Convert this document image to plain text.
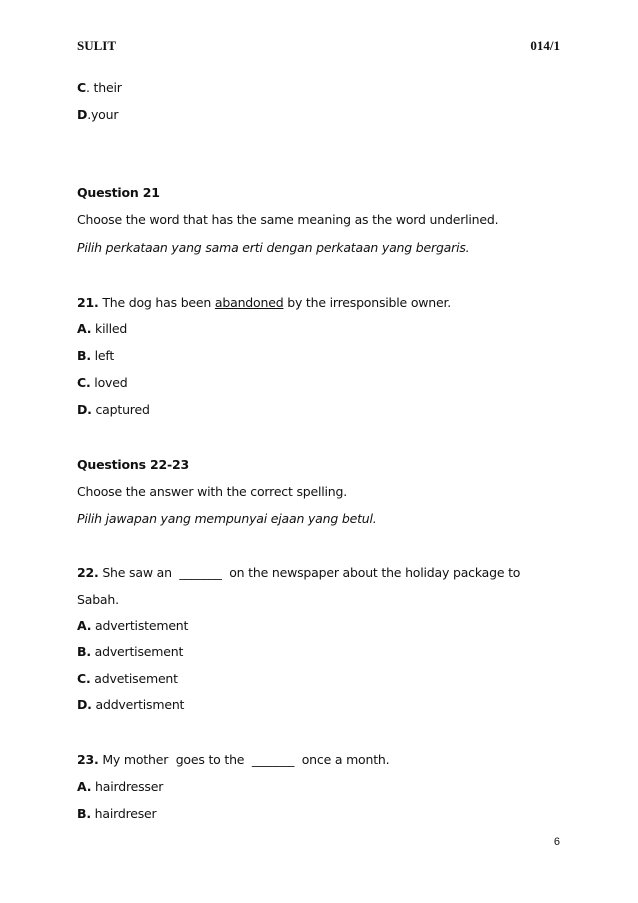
SULIT	014/1
C. their
D.your
Question 21
Choose the word that has the same meaning as the word underlined.
Pilih perkataan yang sama erti dengan perkataan yang bergaris.
21. The dog has been abandoned by the irresponsible owner.
A. killed
B. left
C. loved
D. captured
Questions 22-23
Choose the answer with the correct spelling.
Pilih jawapan yang mempunyai ejaan yang betul.
22. She saw an  _______  on the newspaper about the holiday package to
Sabah.
A. advertistement
B. advertisement
C. advetisement
D. addvertisment
23. My mother  goes to the  _______  once a month.
A. hairdresser
B. hairdreser
6
